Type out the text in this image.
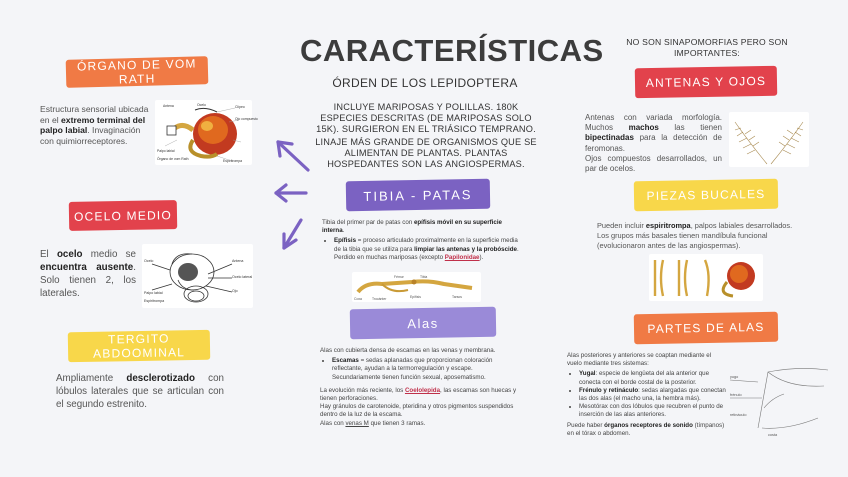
CARACTERÍSTICAS
ÓRDEN DE LOS LEPIDOPTERA
INCLUYE MARIPOSAS Y POLILLAS. 180K ESPECIES DESCRITAS (DE MARIPOSAS SOLO 15K). SURGIERON EN EL TRIÁSICO TEMPRANO.
LINAJE MÁS GRANDE DE ORGANISMOS QUE SE ALIMENTAN DE PLANTAS. PLANTAS HOSPEDANTES SON LAS ANGIOSPERMAS.
NO SON SINAPOMORFIAS PERO SON IMPORTANTES:
ÓRGANO DE VOM RATH
Estructura sensorial ubicada en el extremo terminal del palpo labial. Invaginación con quimiorreceptores.
Antena	Ocelo	Clípeo
Ojo compuesto
Palpo labial
Espiritrompa
Órgano de vom Rath
OCELO MEDIO
El ocelo medio se encuentra ausente. Solo tienen 2, los laterales.
Ocelo	Antena
Ocelo lateral
Ojo
Palpo labial
Espiritrompa
TERGITO ABDOOMINAL
Ampliamente desclerotizado con lóbulos laterales que se articulan con el segundo estrenito.
TIBIA - PATAS
Tibia del primer par de patas con epífisis móvil en su superficie interna.
• Epífisis = proceso articulado proximalmente en la superficie media de la tibia que se utiliza para limpiar las antenas y la probóscide. Perdido en muchas mariposas (excepto Papilonidae).
Coxa	Trocánter
Fémur	Tibia
Epífisis	Tarsos
Alas
Alas con cubierta densa de escamas en las venas y membrana.
• Escamas = sedas aplanadas que proporcionan coloración reflectante, ayudan a la termorregulación y escape. Secundariamente tienen función sexual, aposematismo.
La evolución más reciente, los Coelolepida, las escamas son huecas y tienen perforaciones.
Hay gránulos de carotenoide, pteridina y otros pigmentos suspendidos dentro de la luz de la escama.
Alas con venas M que tienen 3 ramas.
ANTENAS Y OJOS
Antenas con variada morfología. Muchos machos las tienen bipectinadas para la detección de feromonas.
Ojos compuestos desarrollados, un par de ocelos.
PIEZAS BUCALES
Pueden incluir espiritrompa, palpos labiales desarrollados. Los grupos más basales tienen mandíbula funcional (evolucionaron antes de las angiospermas).
PARTES DE ALAS
Alas posteriores y anteriores se coaptan mediante el vuelo mediante tres sistemas:
• Yugal: especie de lengüeta del ala anterior que conecta con el borde costal de la posterior.
• Frénulo y retináculo: sedas alargadas que conectan las dos alas (el macho una, la hembra más).
• Mesotórax con dos lóbulos que recubren el punto de inserción de las alas anteriores.
Puede haber órganos receptores de sonido (tímpanos) en el tórax o abdomen.
yugo
frénulo
retináculo
costa
